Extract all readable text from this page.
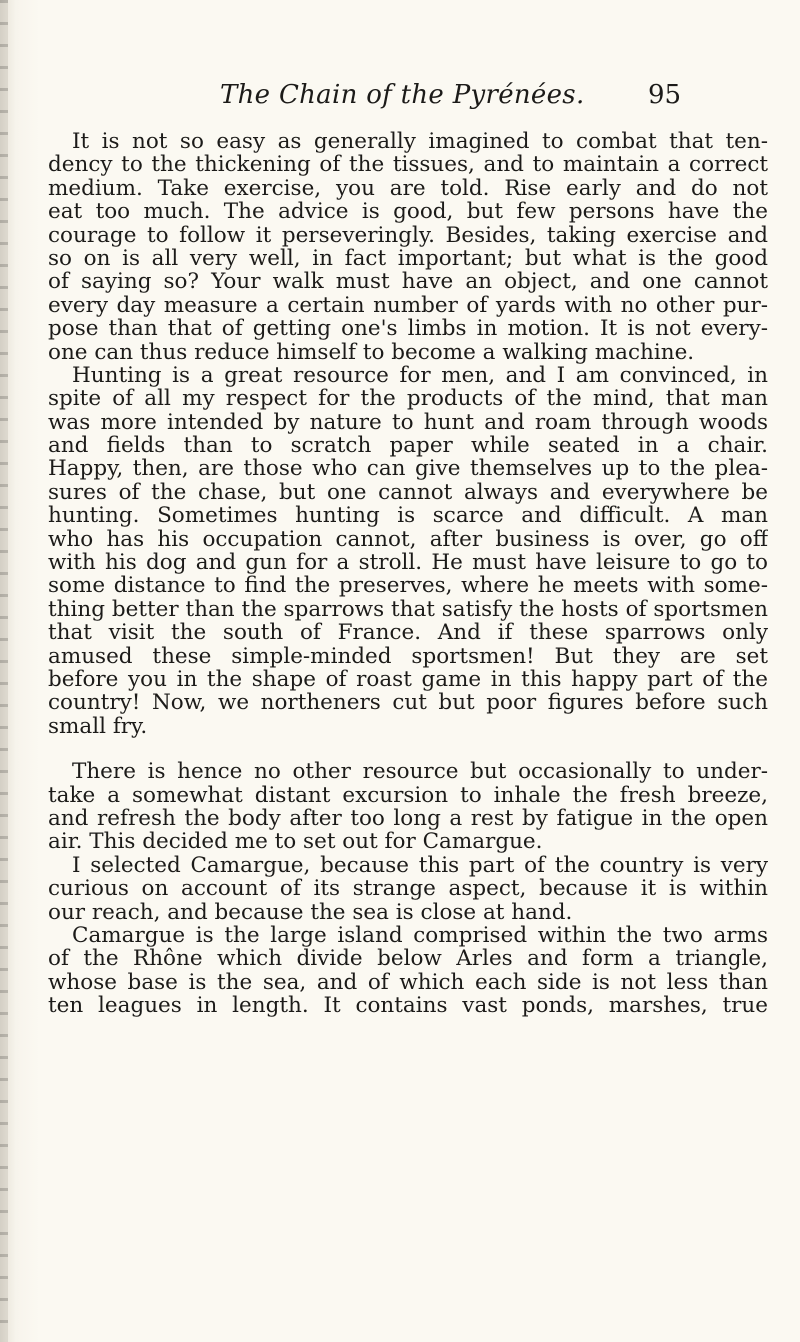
The Chain of the Pyrénées. 95

It is not so easy as generally imagined to combat that ten-
dency to the thickening of the tissues, and to maintain a correct
medium. Take exercise, you are told. Rise early and do not
eat too much. The advice is good, but few persons have the
courage to follow it perseveringly. Besides, taking exercise and
so on is all very well, in fact important; but what is the good
of saying so? Your walk must have an object, and one cannot
every day measure a certain number of yards with no other pur-
pose than that of getting one's limbs in motion. It is not every-
one can thus reduce himself to become a walking machine.

Hunting is a great resource for men, and I am convinced, in
spite of all my respect for the products of the mind, that man
was more intended by nature to hunt and roam through woods
and fields than to scratch paper while seated in a chair.
Happy, then, are those who can give themselves up to the plea-
sures of the chase, but one cannot always and everywhere be
hunting. Sometimes hunting is scarce and difficult. A man
who has his occupation cannot, after business is over, go off
with his dog and gun for a stroll. He must have leisure to go to
some distance to find the preserves, where he meets with some-
thing better than the sparrows that satisfy the hosts of sportsmen
that visit the south of France. And if these sparrows only
amused these simple-minded sportsmen! But they are set
before you in the shape of roast game in this happy part of the
country! Now, we northeners cut but poor figures before such
small fry.

There is hence no other resource but occasionally to under-
take a somewhat distant excursion to inhale the fresh breeze,
and refresh the body after too long a rest by fatigue in the open
air. This decided me to set out for Camargue.

I selected Camargue, because this part of the country is very
curious on account of its strange aspect, because it is within
our reach, and because the sea is close at hand.

Camargue is the large island comprised within the two arms
of the Rhône which divide below Arles and form a triangle,
whose base is the sea, and of which each side is not less than
ten leagues in length. It contains vast ponds, marshes, true
